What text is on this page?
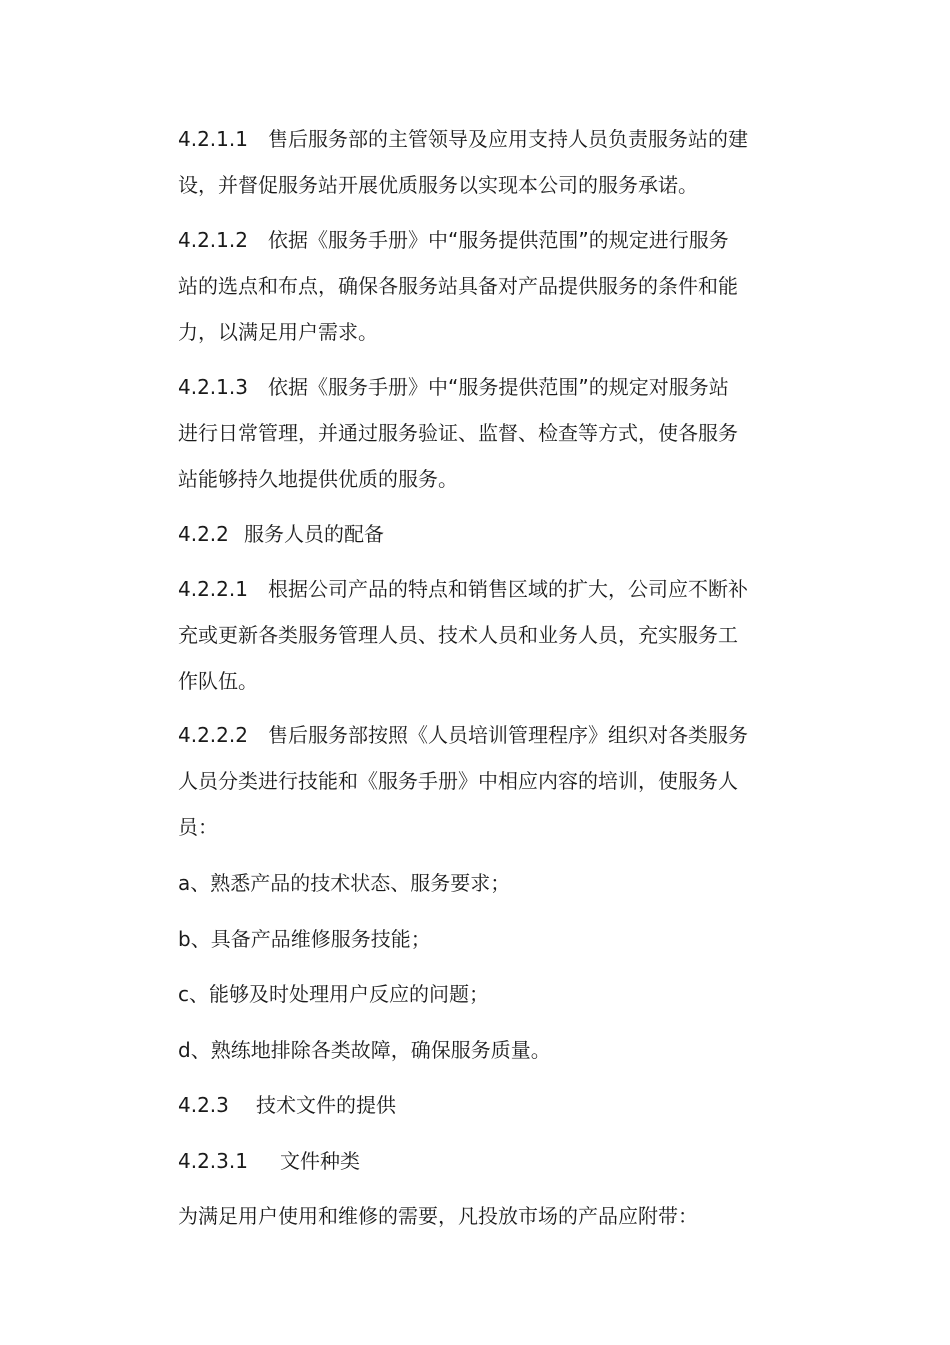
4.2.1.1 售后服务部的主管领导及应用支持人员负责服务站的建
设，并督促服务站开展优质服务以实现本公司的服务承诺。

4.2.1.2 依据《服务手册》中“服务提供范围”的规定进行服务
站的选点和布点，确保各服务站具备对产品提供服务的条件和能
力，以满足用户需求。

4.2.1.3 依据《服务手册》中“服务提供范围”的规定对服务站
进行日常管理，并通过服务验证、监督、检查等方式，使各服务
站能够持久地提供优质的服务。

4.2.2 服务人员的配备

4.2.2.1 根据公司产品的特点和销售区域的扩大，公司应不断补
充或更新各类服务管理人员、技术人员和业务人员，充实服务工
作队伍。

4.2.2.2 售后服务部按照《人员培训管理程序》组织对各类服务
人员分类进行技能和《服务手册》中相应内容的培训，使服务人
员：

a、熟悉产品的技术状态、服务要求；

b、具备产品维修服务技能；

c、能够及时处理用户反应的问题；

d、熟练地排除各类故障，确保服务质量。

4.2.3 技术文件的提供

4.2.3.1 文件种类

为满足用户使用和维修的需要，凡投放市场的产品应附带：
